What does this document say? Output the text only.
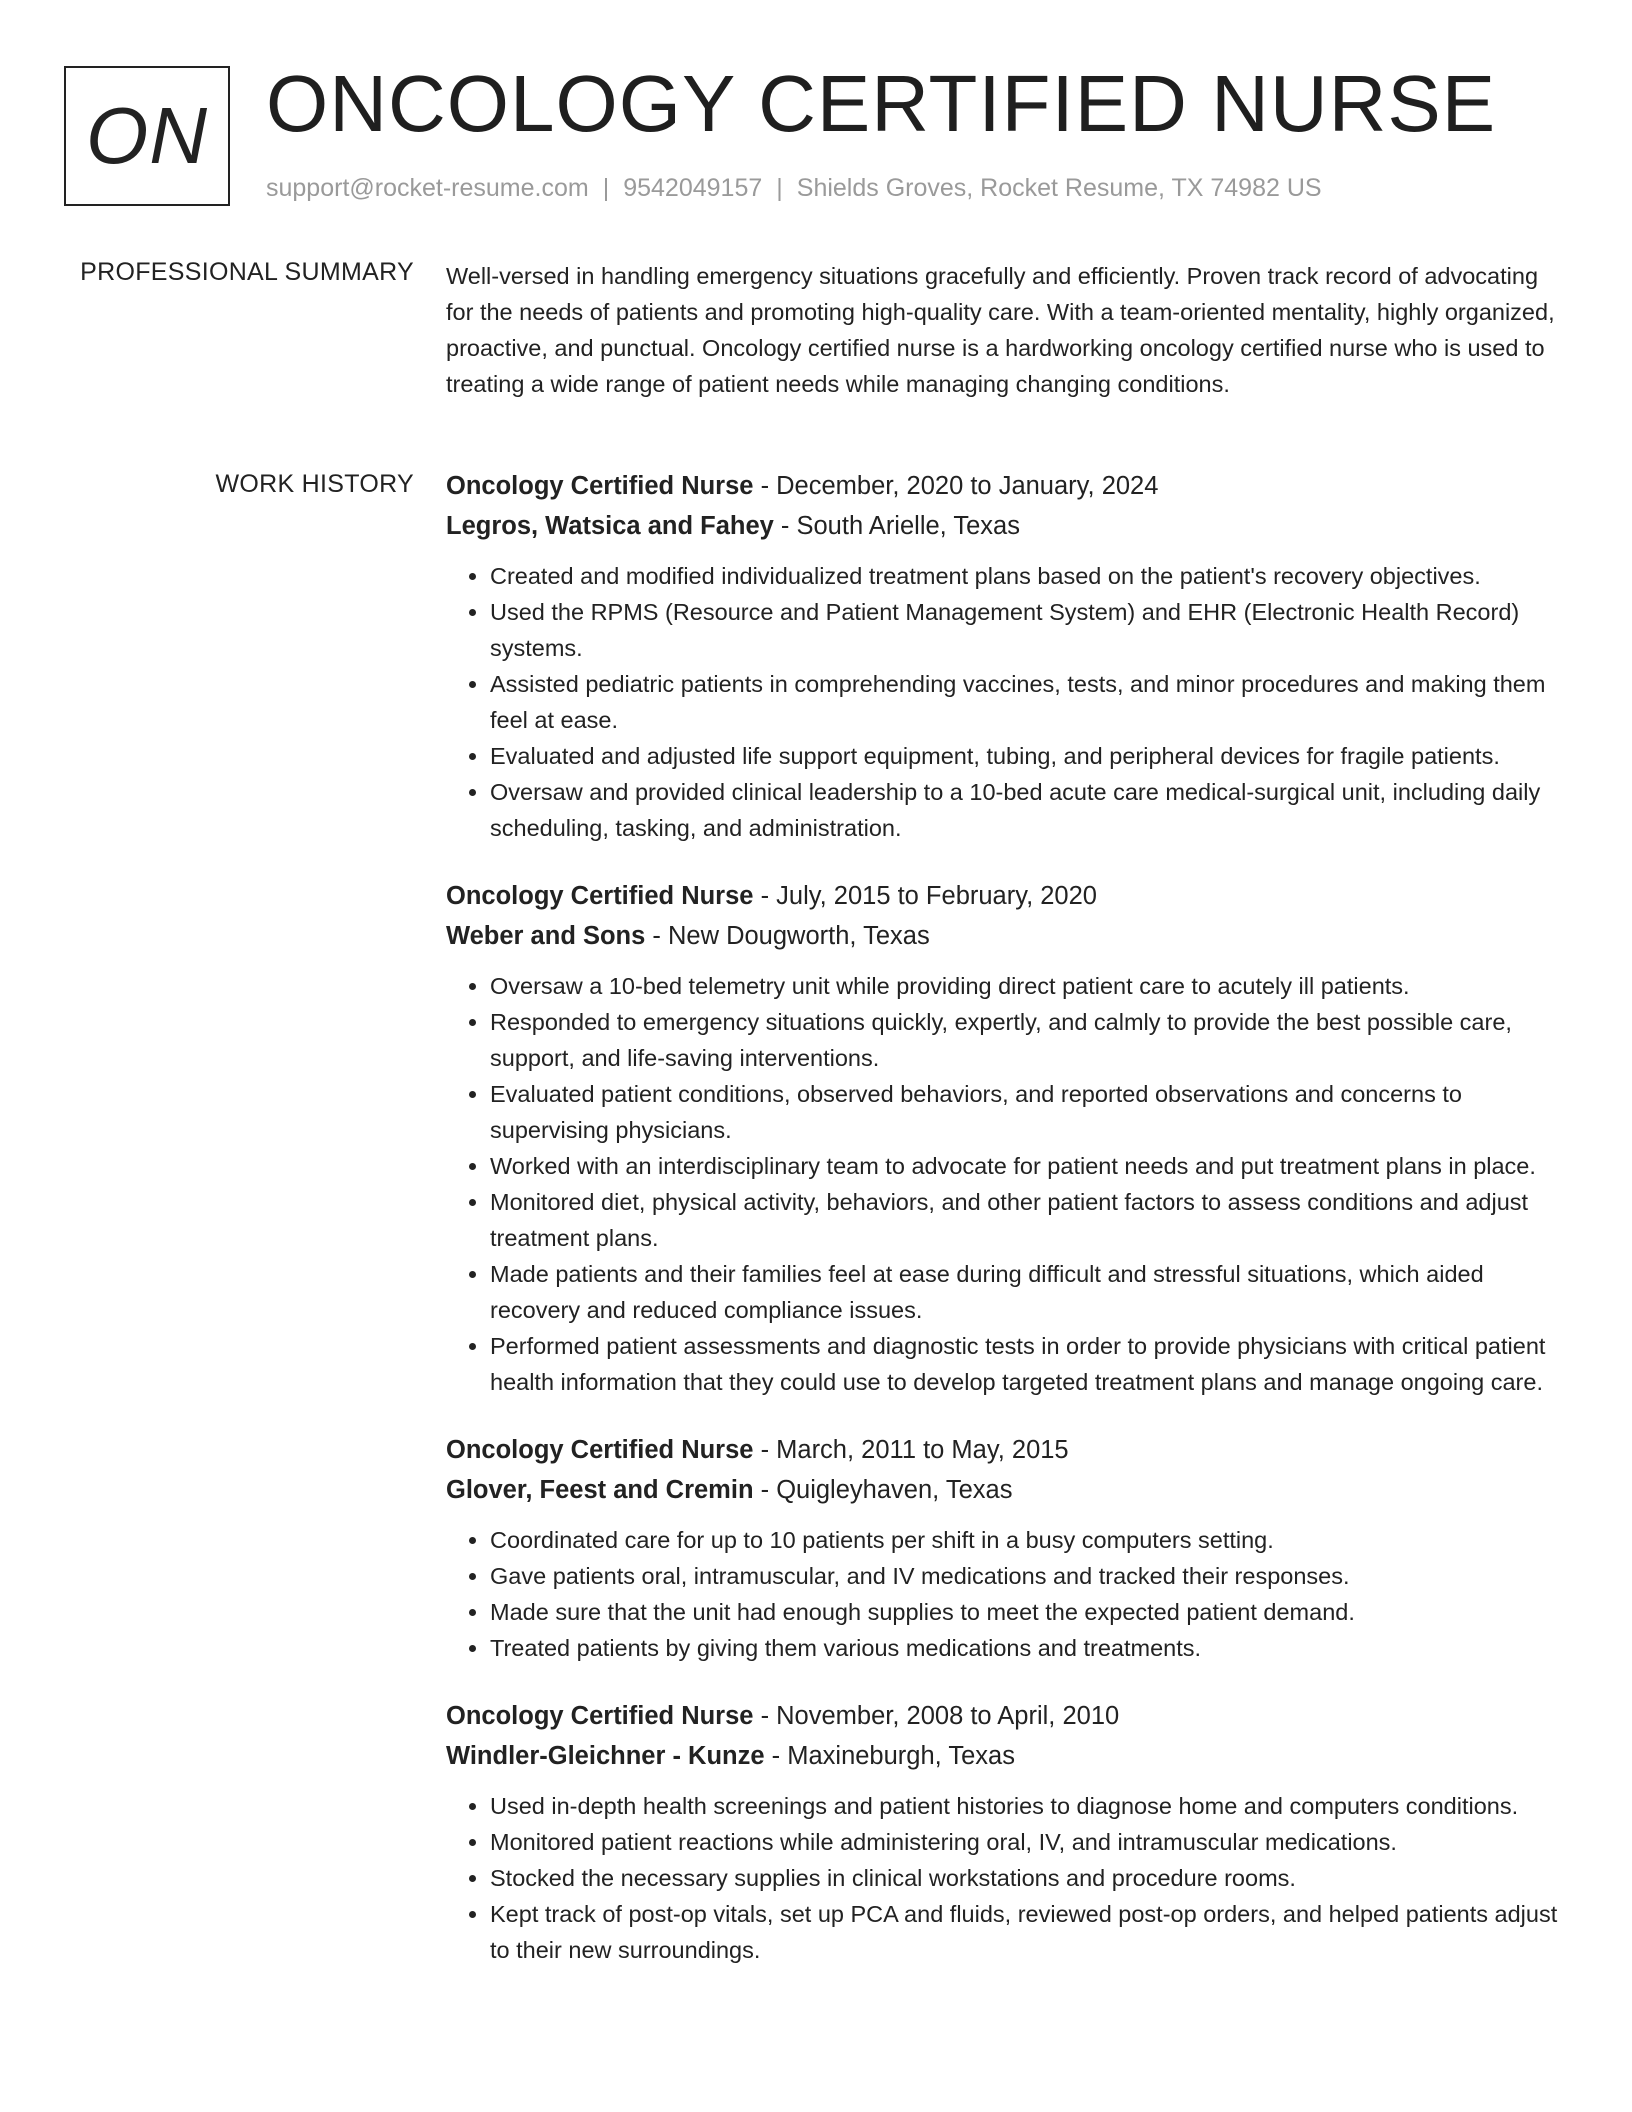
ON ONCOLOGY CERTIFIED NURSE
support@rocket-resume.com | 9542049157 | Shields Groves, Rocket Resume, TX 74982 US
PROFESSIONAL SUMMARY Well-versed in handling emergency situations gracefully and efficiently. Proven track record of advocating for the needs of patients and promoting high-quality care. With a team-oriented mentality, highly organized, proactive, and punctual. Oncology certified nurse is a hardworking oncology certified nurse who is used to treating a wide range of patient needs while managing changing conditions.
WORK HISTORY Oncology Certified Nurse - December, 2020 to January, 2024
Legros, Watsica and Fahey - South Arielle, Texas
• Created and modified individualized treatment plans based on the patient's recovery objectives.
• Used the RPMS (Resource and Patient Management System) and EHR (Electronic Health Record) systems.
• Assisted pediatric patients in comprehending vaccines, tests, and minor procedures and making them feel at ease.
• Evaluated and adjusted life support equipment, tubing, and peripheral devices for fragile patients.
• Oversaw and provided clinical leadership to a 10-bed acute care medical-surgical unit, including daily scheduling, tasking, and administration.
Oncology Certified Nurse - July, 2015 to February, 2020
Weber and Sons - New Dougworth, Texas
• Oversaw a 10-bed telemetry unit while providing direct patient care to acutely ill patients.
• Responded to emergency situations quickly, expertly, and calmly to provide the best possible care, support, and life-saving interventions.
• Evaluated patient conditions, observed behaviors, and reported observations and concerns to supervising physicians.
• Worked with an interdisciplinary team to advocate for patient needs and put treatment plans in place.
• Monitored diet, physical activity, behaviors, and other patient factors to assess conditions and adjust treatment plans.
• Made patients and their families feel at ease during difficult and stressful situations, which aided recovery and reduced compliance issues.
• Performed patient assessments and diagnostic tests in order to provide physicians with critical patient health information that they could use to develop targeted treatment plans and manage ongoing care.
Oncology Certified Nurse - March, 2011 to May, 2015
Glover, Feest and Cremin - Quigleyhaven, Texas
• Coordinated care for up to 10 patients per shift in a busy computers setting.
• Gave patients oral, intramuscular, and IV medications and tracked their responses.
• Made sure that the unit had enough supplies to meet the expected patient demand.
• Treated patients by giving them various medications and treatments.
Oncology Certified Nurse - November, 2008 to April, 2010
Windler-Gleichner - Kunze - Maxineburgh, Texas
• Used in-depth health screenings and patient histories to diagnose home and computers conditions.
• Monitored patient reactions while administering oral, IV, and intramuscular medications.
• Stocked the necessary supplies in clinical workstations and procedure rooms.
• Kept track of post-op vitals, set up PCA and fluids, reviewed post-op orders, and helped patients adjust to their new surroundings.
